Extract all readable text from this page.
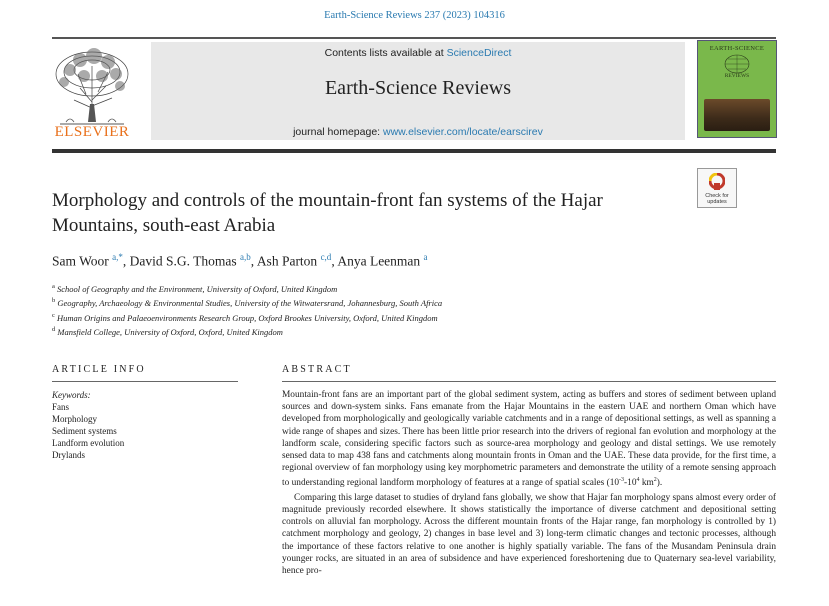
Earth-Science Reviews 237 (2023) 104316
ELSEVIER
Contents lists available at ScienceDirect
Earth-Science Reviews
journal homepage: www.elsevier.com/locate/earscirev
EARTH-SCIENCE
REVIEWS
Check for
updates
Morphology and controls of the mountain-front fan systems of the Hajar Mountains, south-east Arabia
Sam Woor $^{a,*}$, David S.G. Thomas $^{a,b}$, Ash Parton $^{c,d}$, Anya Leenman $^a$
$^a$ School of Geography and the Environment, University of Oxford, United Kingdom
$^b$ Geography, Archaeology & Environmental Studies, University of the Witwatersrand, Johannesburg, South Africa
$^c$ Human Origins and Palaeoenvironments Research Group, Oxford Brookes University, Oxford, United Kingdom
$^d$ Mansfield College, University of Oxford, Oxford, United Kingdom
ARTICLE INFO
Keywords:
Fans
Morphology
Sediment systems
Landform evolution
Drylands
ABSTRACT

Mountain-front fans are an important part of the global sediment system, acting as buffers and stores of sediment between upland sources and down-system sinks. Fans emanate from the Hajar Mountains in the eastern UAE and northern Oman which have developed from morphologically and geologically variable catchments and in a range of depositional settings, as well as spanning a wide range of shapes and sizes. There has been little prior research into the drivers of regional fan evolution and morphology at the landform scale, considering specific factors such as source-area morphology and geology and distal settings. We use remotely sensed data to map 438 fans and catchments along mountain fronts in Oman and the UAE. These data provide, for the first time, a regional overview of fan morphology using key morphometric parameters and demonstrate the utility of a remote sensing approach to understanding regional landform morphology of features at a range of spatial scales ($10^{-3}-10^4$ $km^2$).

Comparing this large dataset to studies of dryland fans globally, we show that Hajar fan morphology spans almost every order of magnitude previously recorded elsewhere. It shows statistically the importance of diverse catchment and depositional setting controls on alluvial fan morphology. Across the different mountain fronts of the Hajar range, fan morphology is controlled by 1) catchment morphology and geology, 2) changes in base level and 3) long-term climatic changes and tectonic processes, although the importance of these factors relative to one another is highly spatially variable. The fans of the Musandam Peninsula drain younger rocks, are situated in an area of subsidence and have experienced foreshortening due to Quaternary sea-level variability, hence pro-
